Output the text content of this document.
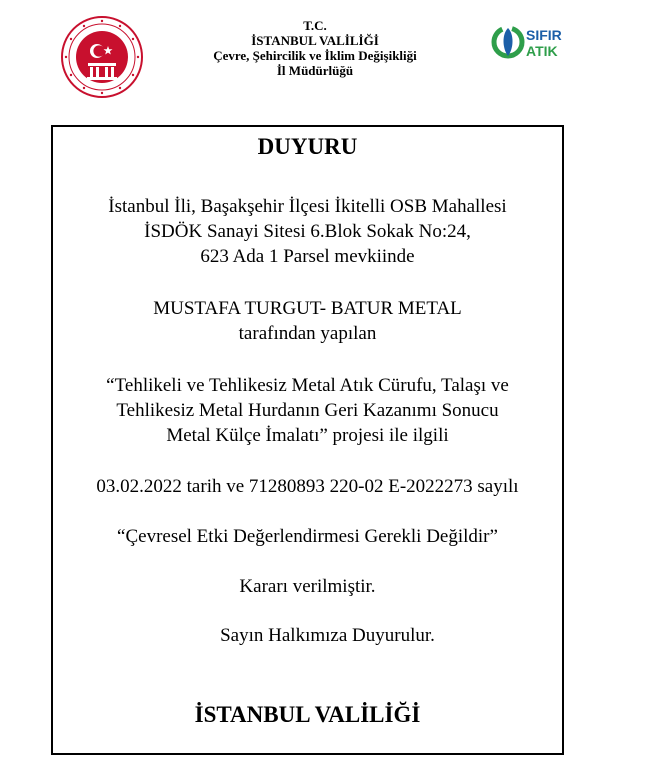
T.C.
İSTANBUL VALİLİĞİ
Çevre, Şehircilik ve İklim Değişikliği
İl Müdürlüğü
SIFIR
ATIK
DUYURU
İstanbul İli, Başakşehir İlçesi İkitelli OSB Mahallesi
İSDÖK Sanayi Sitesi 6.Blok Sokak No:24,
623 Ada 1 Parsel mevkiinde
MUSTAFA TURGUT- BATUR METAL
tarafından yapılan
“Tehlikeli ve Tehlikesiz Metal Atık Cürufu, Talaşı ve
Tehlikesiz Metal Hurdanın Geri Kazanımı Sonucu
Metal Külçe İmalatı” projesi ile ilgili
03.02.2022 tarih ve 71280893 220-02 E-2022273 sayılı
“Çevresel Etki Değerlendirmesi Gerekli Değildir”
Kararı verilmiştir.
Sayın Halkımıza Duyurulur.
İSTANBUL VALİLİĞİ
